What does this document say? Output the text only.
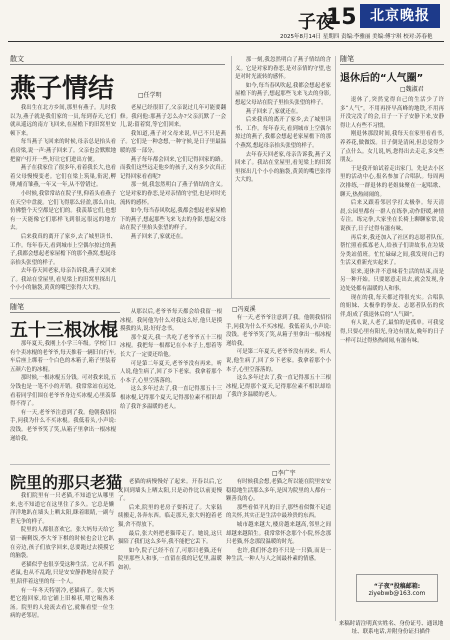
子夜
15 北京晚报
2025年8月14日 星期四 责编:李雅丽 美编:傅宇琪 校对:苏春艳
散文
燕子情结	□任学明

我出生在北方乡间,那里有燕子。儿时我以为,燕子就是我们家的一员,每到春天,它们就从遥远的南方飞回来,在屋檐下的旧窝里安顿下来。

每当燕子飞回来的时候,母亲总是抬头看看房梁,说一声:燕子回来了。父亲也会默默地把窗户打开一些,好让它们进出方便。

燕子在我家住了很多年,看着我长大,也看着父母慢慢变老。它们在梁上筑巢,衔泥,孵卵,哺育雏燕,一年又一年,从不曾错过。

小时候,我常常站在院子里,仰着头看燕子在天空中盘旋。它们飞得那么轻盈,那么自由,仿佛整个天空都是它们的。我羡慕它们,也想有一天能像它们那样飞到很远很远的地方去。

后来我真的离开了家乡,去了城里读书、工作。每年春天,看到城市上空偶尔掠过的燕子,我都会想起老家屋檐下的那个燕窝,想起母亲抬头张望的样子。

去年春天回老家,母亲告诉我,燕子又回来了。我站在堂屋里,看见梁上的旧窝里探出几个小小的脑袋,黄黄的嘴巴张得大大的。

老屋已经很旧了,父亲说过几年可能要翻修。我问他:那燕子怎么办?父亲沉默了一会儿,说:留着窝,等它们回来。

我知道,燕子对父母来说,早已不只是燕子。它们是一种念想,一种守候,是日子里最温暖的那一部分。

燕子每年都会回来,它们记得回家的路。而我们这些远走他乡的孩子,又有多少次真正记得回家看看呢?

那一刻,我忽然明白了燕子情结的含义。它是对家的眷恋,是对亲情的守望,也是对时光流转的感怀。

如今,每当春风吹起,我都会想起老家屋檐下的燕子,想起那些飞来飞去的身影,想起父母站在院子里抬头张望的样子。

燕子回来了,家就还在。

那一刻,我忽然明白了燕子情结的含义。它是对家的眷恋,是对亲情的守望,也是对时光流转的感怀。

如今,每当春风吹起,我都会想起老家屋檐下的燕子,想起那些飞来飞去的身影,想起父母站在院子里抬头张望的样子。

燕子回来了,家就还在。

后来我真的离开了家乡,去了城里读书、工作。每年春天,看到城市上空偶尔掠过的燕子,我都会想起老家屋檐下的那个燕窝,想起母亲抬头张望的样子。

去年春天回老家,母亲告诉我,燕子又回来了。我站在堂屋里,看见梁上的旧窝里探出几个小小的脑袋,黄黄的嘴巴张得大大的。

随笔
退休后的“人气圈”
□魏淑君

退休了,突然觉得自己的生活少了许多“人气”。不用再挤早高峰的地铁,不用再开没完没了的会,日子一下子安静下来,安静得让人有些不习惯。

刚退休那段时间,我每天在家里看看书,养养花,做做饭。日子倒是清闲,但总觉得少了点什么。女儿说,妈,您得出去走走,多交些朋友。

于是我开始试着走出家门。先是去小区里的活动中心,报名参加了合唱队。每周两次排练,一群退休的老姐妹聚在一起唱歌、聊天,热热闹闹的。

后来又跟着邻居学打太极拳。每天清晨,公园里都有一群人在练拳,动作舒缓,神情专注。练完拳,大家坐在长椅上聊聊家常,说说孩子,日子过得有滋有味。

再后来,我还加入了社区的志愿者队伍,帮忙照看孤寡老人,给孩子们讲故事,在垃圾分类站值班。忙忙碌碌之间,我发现自己的生活又重新充实起来了。

原来,退休并不意味着生活的结束,而是另一种开始。只要愿意走出去,就会发现,身边处处都有温暖的人和事。

现在的我,每天都过得很充实。合唱队的姐妹、太极拳的拳友、志愿者队伍的伙伴,组成了我退休后的“人气圈”。

有人说,人老了,最怕的是孤单。可我觉得,只要心里有阳光,身边有朋友,晚年的日子一样可以过得热热闹闹,有滋有味。

“子夜”投稿邮箱:
ziyebwb@163.com
来稿时请注明真实姓名、身份证号、通讯地址、联系电话,并附身份证扫描件
随笔
五十三根冰棍
□冯夏溪

那年夏天,我刚上小学三年级。学校门口有个卖冰棍的老爷爷,每天推着一辆旧自行车,车后座上绑着一个白色的木箱子,箱子里装着五颜六色的冰棍。

那时候,一根冰棍五分钱。可对我来说,五分钱也是一笔不小的开销。我常常站在远处,看着同学们围在老爷爷身边买冰棍,心里羡慕得不得了。

有一天,老爷爷注意到了我。他朝我招招手,问我为什么不买冰棍。我低着头,小声说:没钱。老爷爷笑了笑,从箱子里拿出一根冰棍递给我。

从那以后,老爷爷每天都会给我留一根冰棍。我问他为什么对我这么好,他只是摸摸我的头,说:好好念书。

那个夏天,我一共吃了老爷爷五十三根冰棍。我把每一根都记在小本子上,想着等长大了一定要还给他。

可是第二年夏天,老爷爷没有再来。听人说,他生病了,回了乡下老家。我拿着那个小本子,心里空落落的。

这么多年过去了,我一直记得那五十三根冰棍,记得那个夏天,记得那位素不相识却给了我许多温暖的老人。

有一天,老爷爷注意到了我。他朝我招招手,问我为什么不买冰棍。我低着头,小声说:没钱。老爷爷笑了笑,从箱子里拿出一根冰棍递给我。

可是第二年夏天,老爷爷没有再来。听人说,他生病了,回了乡下老家。我拿着那个小本子,心里空落落的。

这么多年过去了,我一直记得那五十三根冰棍,记得那个夏天,记得那位素不相识却给了我许多温暖的老人。

院里的那只老猫	□李广宇

我们院里有一只老猫,不知道它从哪里来,也不知道它在这里住了多久。它总是懒洋洋地趴在墙头上晒太阳,眯着眼睛,一副与世无争的样子。

院里的人都很喜欢它。张大妈每天给它留一碗剩饭,李大爷下棋的时候也会让它趴在旁边,孩子们放学回来,总要跑过去摸摸它的脑袋。

老猫似乎也很享受这种生活。它从不抓老鼠,也从不乱跑,只是安安静静地待在院子里,陪伴着这里的每一个人。

有一年冬天特别冷,老猫病了。张大妈把它抱回家,给它铺上旧棉袄,喂它喝热米汤。院里的人轮流去看它,就像看望一位生病的老邻居。

老猫的病慢慢好了起来。开春以后,它又回到墙头上晒太阳,只是动作比以前更慢了。

后来,院里的老房子要拆迁了。大家陆续搬走,各奔东西。临走那天,张大妈抱着老猫,舍不得放下。

最后,张大妈把老猫带走了。她说,这只猫陪了我们这么多年,我不能把它丢下。

如今,院子已经不在了,可那只老猫,还有院里那些人和事,一直留在我的记忆里,温暖如初。

有时候我会想,老猫之所以能在院里安安稳稳地生活那么多年,是因为院里的人都有一颗善良的心。

那些看似平凡的日子,那些看似微不足道的关怀,其实正是生活中最珍贵的东西。

城市越来越大,楼房越来越高,邻里之间却越来越陌生。我常常怀念那个小院,怀念那只老猫,怀念那段温暖的时光。

也许,我们怀念的不只是一只猫,而是一种生活,一种人与人之间最朴素的情感。
